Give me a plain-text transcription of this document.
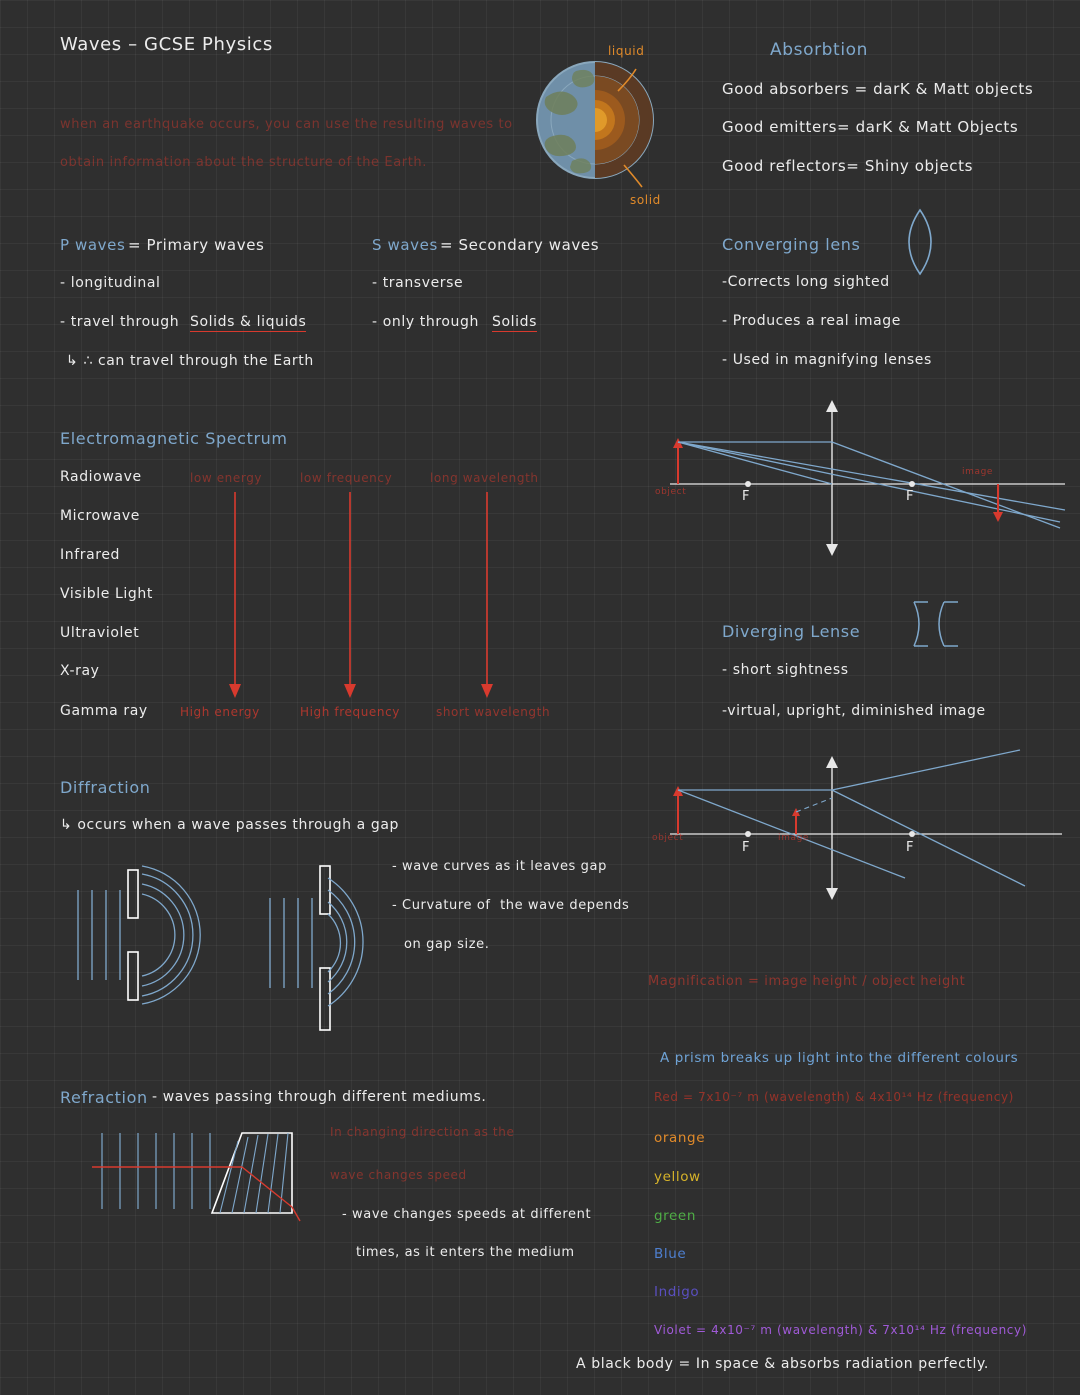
Waves – GCSE Physics
when an earthquake occurs, you can use the resulting waves to
obtain information about the structure of the Earth.
liquid
solid
Absorbtion
Good absorbers = darK & Matt objects
Good emitters= darK & Matt Objects
Good reflectors= Shiny objects
P waves = Primary waves
- longitudinal
- travel through Solids & liquids
↳ ∴ can travel through the Earth
S waves = Secondary waves
- transverse
- only through Solids
Converging lens
-Corrects long sighted
- Produces a real image
- Used in magnifying lenses
Electromagnetic Spectrum
Radiowave
Microwave
Infrared
Visible Light
Ultraviolet
X-ray
Gamma ray
low energy	low frequency	long wavelength
High energy	High frequency	short wavelength
object
image
F	F
Diverging Lense
- short sightness
-virtual, upright, diminished image
object	image
F	F
Diffraction
↳ occurs when a wave passes through a gap
- wave curves as it leaves gap
- Curvature of  the wave depends
on gap size.
Magnification = image height / object height
Refraction - waves passing through different mediums.
In changing direction as the
wave changes speed
- wave changes speeds at different
times, as it enters the medium
A prism breaks up light into the different colours
Red = 7x10⁻⁷ m (wavelength) & 4x10¹⁴ Hz (frequency)
orange
yellow
green
Blue
Indigo
Violet = 4x10⁻⁷ m (wavelength) & 7x10¹⁴ Hz (frequency)
A black body = In space & absorbs radiation perfectly.
